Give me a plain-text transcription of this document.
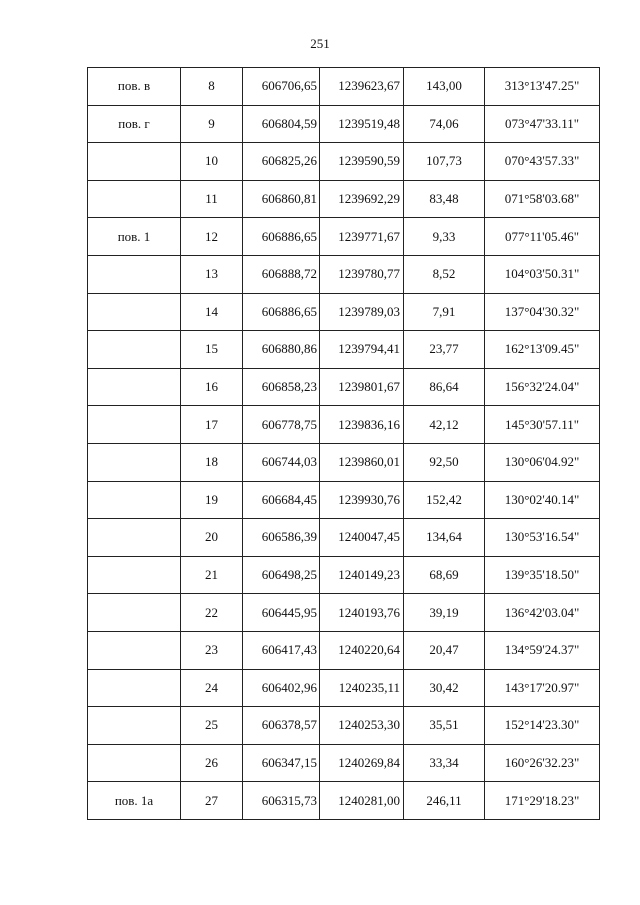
251
пов. в	8	606706,65	1239623,67	143,00	313°13'47.25"
пов. г	9	606804,59	1239519,48	74,06	073°47'33.11"
	10	606825,26	1239590,59	107,73	070°43'57.33"
	11	606860,81	1239692,29	83,48	071°58'03.68"
пов. 1	12	606886,65	1239771,67	9,33	077°11'05.46"
	13	606888,72	1239780,77	8,52	104°03'50.31"
	14	606886,65	1239789,03	7,91	137°04'30.32"
	15	606880,86	1239794,41	23,77	162°13'09.45"
	16	606858,23	1239801,67	86,64	156°32'24.04"
	17	606778,75	1239836,16	42,12	145°30'57.11"
	18	606744,03	1239860,01	92,50	130°06'04.92"
	19	606684,45	1239930,76	152,42	130°02'40.14"
	20	606586,39	1240047,45	134,64	130°53'16.54"
	21	606498,25	1240149,23	68,69	139°35'18.50"
	22	606445,95	1240193,76	39,19	136°42'03.04"
	23	606417,43	1240220,64	20,47	134°59'24.37"
	24	606402,96	1240235,11	30,42	143°17'20.97"
	25	606378,57	1240253,30	35,51	152°14'23.30"
	26	606347,15	1240269,84	33,34	160°26'32.23"
пов. 1а	27	606315,73	1240281,00	246,11	171°29'18.23"
